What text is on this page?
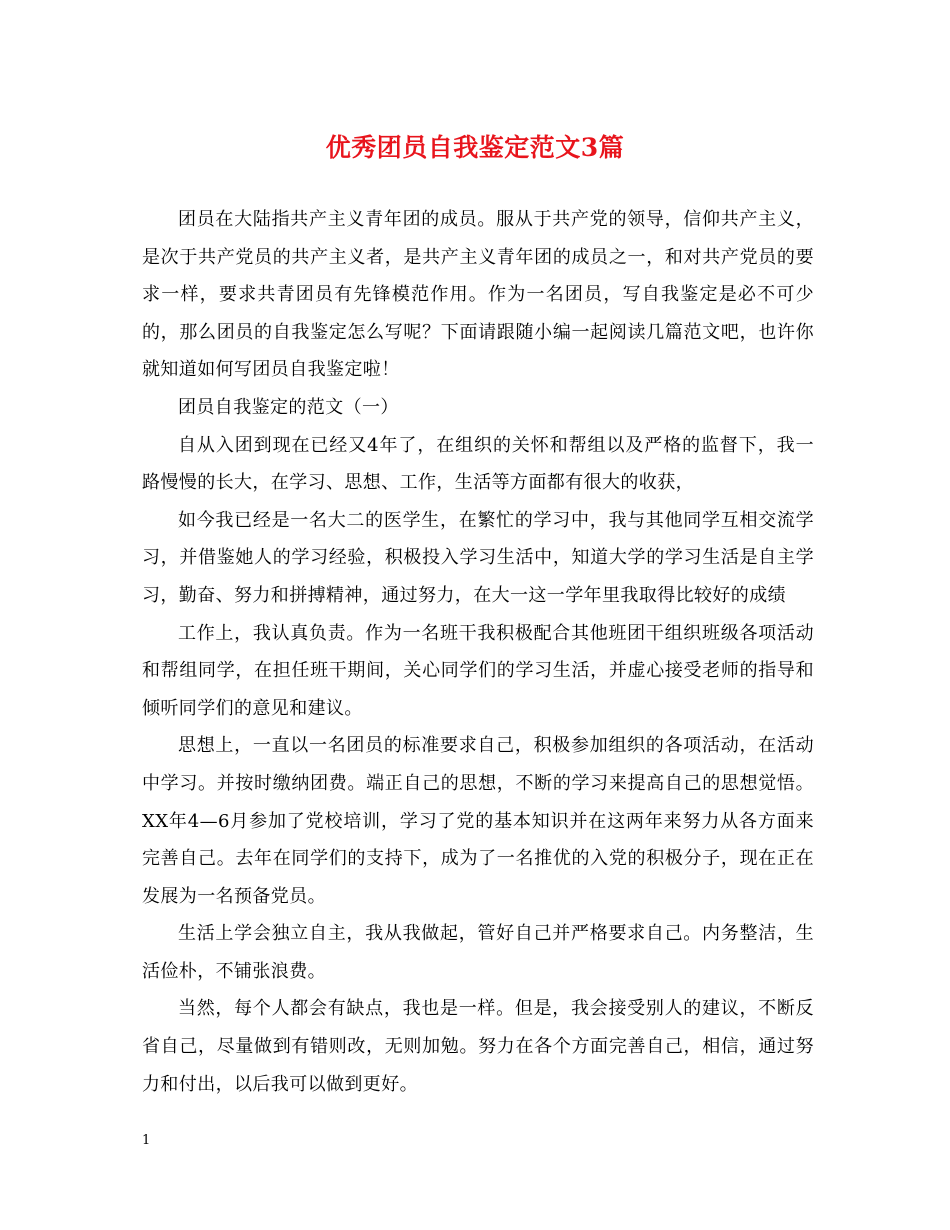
优秀团员自我鉴定范文3篇

团员在大陆指共产主义青年团的成员。服从于共产党的领导，信仰共产主义，是次于共产党员的共产主义者，是共产主义青年团的成员之一，和对共产党员的要求一样，要求共青团员有先锋模范作用。作为一名团员，写自我鉴定是必不可少的，那么团员的自我鉴定怎么写呢？下面请跟随小编一起阅读几篇范文吧，也许你就知道如何写团员自我鉴定啦！

团员自我鉴定的范文（一）

自从入团到现在已经又4年了，在组织的关怀和帮组以及严格的监督下，我一路慢慢的长大，在学习、思想、工作，生活等方面都有很大的收获，

如今我已经是一名大二的医学生，在繁忙的学习中，我与其他同学互相交流学习，并借鉴她人的学习经验，积极投入学习生活中，知道大学的学习生活是自主学习，勤奋、努力和拼搏精神，通过努力，在大一这一学年里我取得比较好的成绩

工作上，我认真负责。作为一名班干我积极配合其他班团干组织班级各项活动和帮组同学，在担任班干期间，关心同学们的学习生活，并虚心接受老师的指导和倾听同学们的意见和建议。

思想上，一直以一名团员的标准要求自己，积极参加组织的各项活动，在活动中学习。并按时缴纳团费。端正自己的思想，不断的学习来提高自己的思想觉悟。XX年4—6月参加了党校培训，学习了党的基本知识并在这两年来努力从各方面来完善自己。去年在同学们的支持下，成为了一名推优的入党的积极分子，现在正在发展为一名预备党员。

生活上学会独立自主，我从我做起，管好自己并严格要求自己。内务整洁，生活俭朴，不铺张浪费。

当然，每个人都会有缺点，我也是一样。但是，我会接受别人的建议，不断反省自己，尽量做到有错则改，无则加勉。努力在各个方面完善自己，相信，通过努力和付出，以后我可以做到更好。

1
